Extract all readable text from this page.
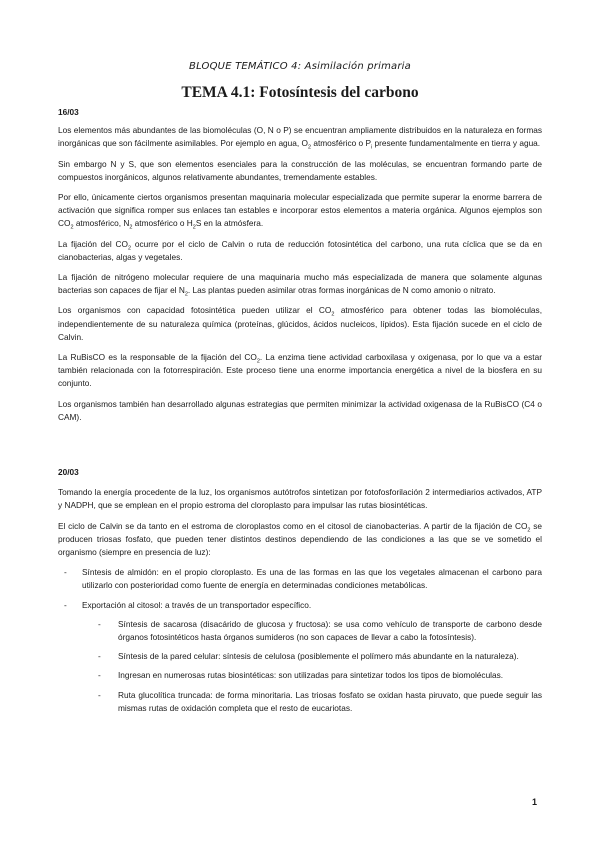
BLOQUE TEMÁTICO 4: Asimilación primaria
TEMA 4.1: Fotosíntesis del carbono
16/03

Los elementos más abundantes de las biomoléculas (O, N o P) se encuentran ampliamente distribuidos en la naturaleza en formas inorgánicas que son fácilmente asimilables. Por ejemplo en agua, $O_2$ atmosférico o $P_i$ presente fundamentalmente en tierra y agua.

Sin embargo N y S, que son elementos esenciales para la construcción de las moléculas, se encuentran formando parte de compuestos inorgánicos, algunos relativamente abundantes, tremendamente estables.

Por ello, únicamente ciertos organismos presentan maquinaria molecular especializada que permite superar la enorme barrera de activación que significa romper sus enlaces tan estables e incorporar estos elementos a materia orgánica. Algunos ejemplos son $CO_2$ atmosférico, $N_2$ atmosférico o $H_2S$ en la atmósfera.

La fijación del $CO_2$ ocurre por el ciclo de Calvin o ruta de reducción fotosintética del carbono, una ruta cíclica que se da en cianobacterias, algas y vegetales.

La fijación de nitrógeno molecular requiere de una maquinaria mucho más especializada de manera que solamente algunas bacterias son capaces de fijar el $N_2$. Las plantas pueden asimilar otras formas inorgánicas de N como amonio o nitrato.

Los organismos con capacidad fotosintética pueden utilizar el $CO_2$ atmosférico para obtener todas las biomoléculas, independientemente de su naturaleza química (proteínas, glúcidos, ácidos nucleicos, lípidos). Esta fijación sucede en el ciclo de Calvin.

La RuBisCO es la responsable de la fijación del $CO_2$. La enzima tiene actividad carboxilasa y oxigenasa, por lo que va a estar también relacionada con la fotorrespiración. Este proceso tiene una enorme importancia energética a nivel de la biosfera en su conjunto.

Los organismos también han desarrollado algunas estrategias que permiten minimizar la actividad oxigenasa de la RuBisCO (C4 o CAM).

20/03

Tomando la energía procedente de la luz, los organismos autótrofos sintetizan por fotofosforilación 2 intermediarios activados, ATP y NADPH, que se emplean en el propio estroma del cloroplasto para impulsar las rutas biosintéticas.

El ciclo de Calvin se da tanto en el estroma de cloroplastos como en el citosol de cianobacterias. A partir de la fijación de $CO_2$ se producen triosas fosfato, que pueden tener distintos destinos dependiendo de las condiciones a las que se ve sometido el organismo (siempre en presencia de luz):

- Síntesis de almidón: en el propio cloroplasto. Es una de las formas en las que los vegetales almacenan el carbono para utilizarlo con posterioridad como fuente de energía en determinadas condiciones metabólicas.
- Exportación al citosol: a través de un transportador específico.
- Síntesis de sacarosa (disacárido de glucosa y fructosa): se usa como vehículo de transporte de carbono desde órganos fotosintéticos hasta órganos sumideros (no son capaces de llevar a cabo la fotosíntesis).
- Síntesis de la pared celular: síntesis de celulosa (posiblemente el polímero más abundante en la naturaleza).
- Ingresan en numerosas rutas biosintéticas: son utilizadas para sintetizar todos los tipos de biomoléculas.
- Ruta glucolítica truncada: de forma minoritaria. Las triosas fosfato se oxidan hasta piruvato, que puede seguir las mismas rutas de oxidación completa que el resto de eucariotas.
1
